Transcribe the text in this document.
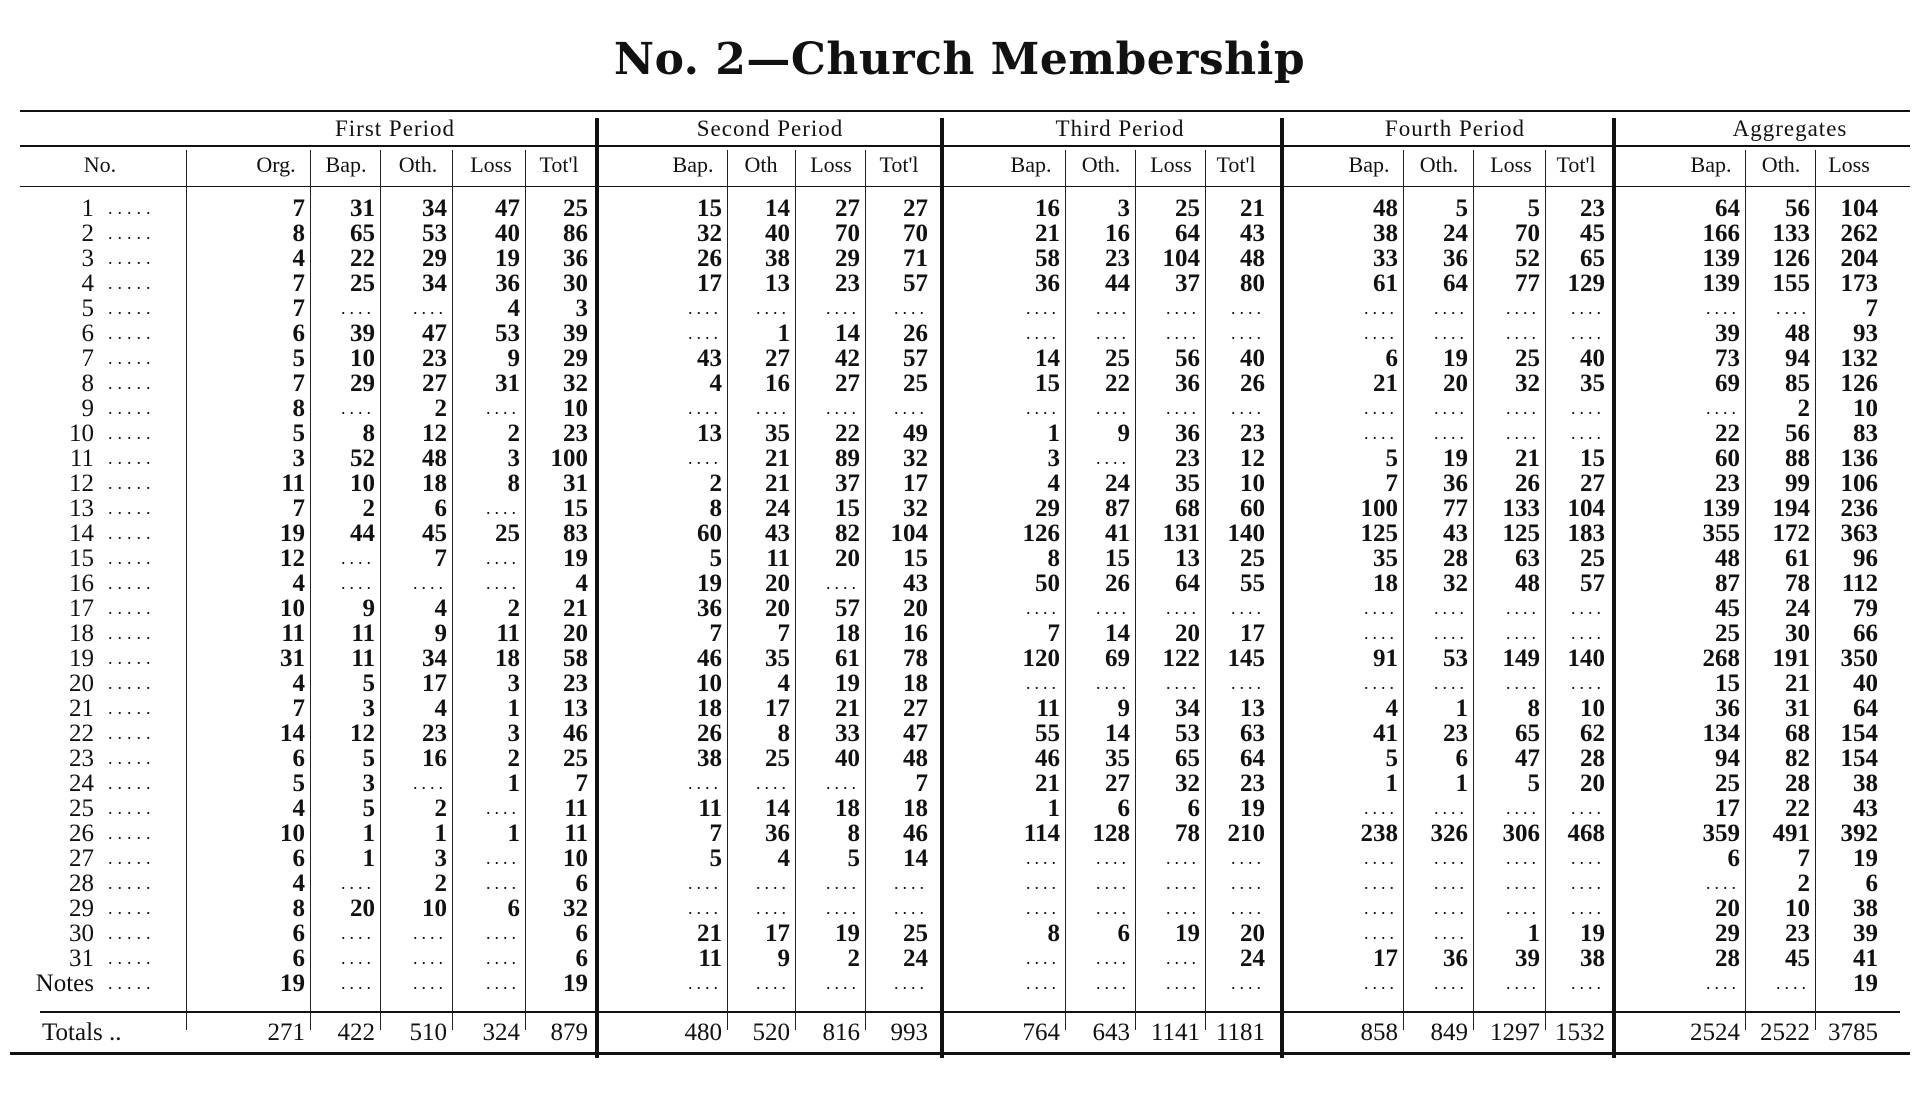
No. 2—Church Membership
No.
First Period
Org.	Bap.	Oth.	Loss	Tot'l
Second Period
Bap.	Oth	Loss	Tot'l
Third Period
Bap.	Oth.	Loss	Tot'l
Fourth Period
Bap.	Oth.	Loss	Tot'l
Aggregates
Bap.	Oth.	Loss
1 .....	7	31	34	47	25	15	14	27	27	16	3	25	21	48	5	5	23	64	56	104
2 .....	8	65	53	40	86	32	40	70	70	21	16	64	43	38	24	70	45	166	133	262
3 .....	4	22	29	19	36	26	38	29	71	58	23	104	48	33	36	52	65	139	126	204
4 .....	7	25	34	36	30	17	13	23	57	36	44	37	80	61	64	77	129	139	155	173
5 .....	7	....	....	4	3	....	....	....	....	....	....	....	....	....	....	....	....	....	....	7
6 .....	6	39	47	53	39	....	1	14	26	....	....	....	....	....	....	....	....	39	48	93
7 .....	5	10	23	9	29	43	27	42	57	14	25	56	40	6	19	25	40	73	94	132
8 .....	7	29	27	31	32	4	16	27	25	15	22	36	26	21	20	32	35	69	85	126
9 .....	8	....	2	....	10	....	....	....	....	....	....	....	....	....	....	....	....	....	2	10
10 .....	5	8	12	2	23	13	35	22	49	1	9	36	23	....	....	....	....	22	56	83
11 .....	3	52	48	3	100	....	21	89	32	3	....	23	12	5	19	21	15	60	88	136
12 .....	11	10	18	8	31	2	21	37	17	4	24	35	10	7	36	26	27	23	99	106
13 .....	7	2	6	....	15	8	24	15	32	29	87	68	60	100	77	133	104	139	194	236
14 .....	19	44	45	25	83	60	43	82	104	126	41	131	140	125	43	125	183	355	172	363
15 .....	12	....	7	....	19	5	11	20	15	8	15	13	25	35	28	63	25	48	61	96
16 .....	4	....	....	....	4	19	20	....	43	50	26	64	55	18	32	48	57	87	78	112
17 .....	10	9	4	2	21	36	20	57	20	....	....	....	....	....	....	....	....	45	24	79
18 .....	11	11	9	11	20	7	7	18	16	7	14	20	17	....	....	....	....	25	30	66
19 .....	31	11	34	18	58	46	35	61	78	120	69	122	145	91	53	149	140	268	191	350
20 .....	4	5	17	3	23	10	4	19	18	....	....	....	....	....	....	....	....	15	21	40
21 .....	7	3	4	1	13	18	17	21	27	11	9	34	13	4	1	8	10	36	31	64
22 .....	14	12	23	3	46	26	8	33	47	55	14	53	63	41	23	65	62	134	68	154
23 .....	6	5	16	2	25	38	25	40	48	46	35	65	64	5	6	47	28	94	82	154
24 .....	5	3	....	1	7	....	....	....	7	21	27	32	23	1	1	5	20	25	28	38
25 .....	4	5	2	....	11	11	14	18	18	1	6	6	19	....	....	....	....	17	22	43
26 .....	10	1	1	1	11	7	36	8	46	114	128	78	210	238	326	306	468	359	491	392
27 .....	6	1	3	....	10	5	4	5	14	....	....	....	....	....	....	....	....	6	7	19
28 .....	4	....	2	....	6	....	....	....	....	....	....	....	....	....	....	....	....	....	2	6
29 .....	8	20	10	6	32	....	....	....	....	....	....	....	....	....	....	....	....	20	10	38
30 .....	6	....	....	....	6	21	17	19	25	8	6	19	20	....	....	1	19	29	23	39
31 .....	6	....	....	....	6	11	9	2	24	....	....	....	24	17	36	39	38	28	45	41
Notes .....	19	....	....	....	19	....	....	....	....	....	....	....	....	....	....	....	....	....	....	19
Totals ..	271	422	510	324	879	480	520	816	993	764	643 1141 1181	858	849 1297 1532	2524 2522 3785
